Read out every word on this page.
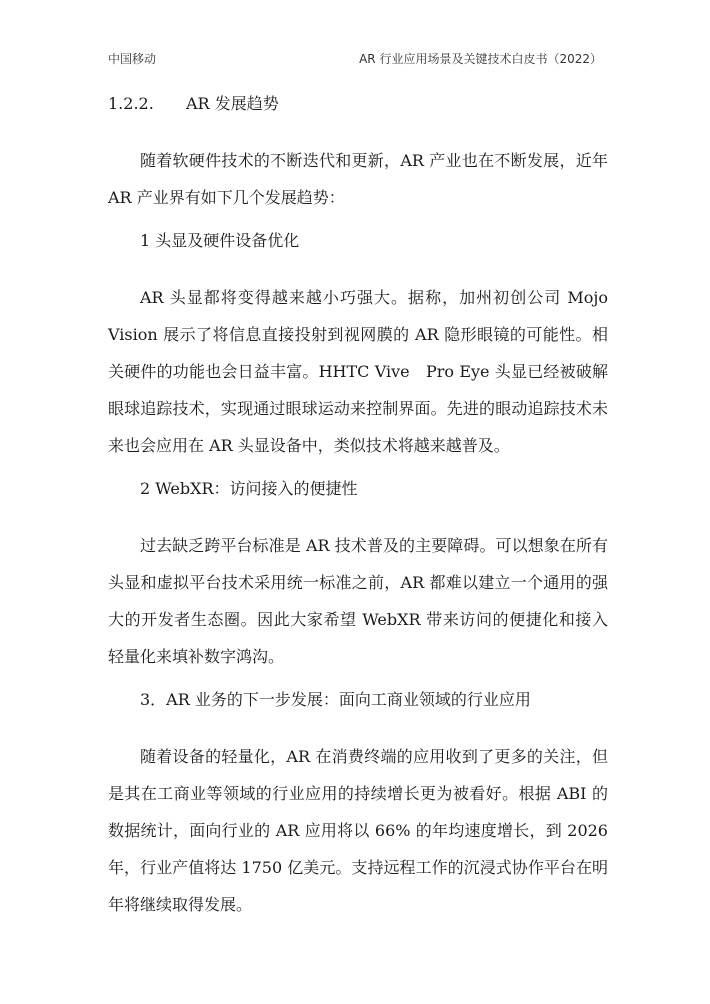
中国移动	AR 行业应用场景及关键技术白皮书（2022）
1.2.2. AR 发展趋势

随着软硬件技术的不断迭代和更新，AR 产业也在不断发展，近年 AR 产业界有如下几个发展趋势：

1 头显及硬件设备优化

AR 头显都将变得越来越小巧强大。据称，加州初创公司 Mojo Vision 展示了将信息直接投射到视网膜的 AR 隐形眼镜的可能性。相关硬件的功能也会日益丰富。HHTC Vive　Pro Eye 头显已经被破解眼球追踪技术，实现通过眼球运动来控制界面。先进的眼动追踪技术未来也会应用在 AR 头显设备中，类似技术将越来越普及。

2 WebXR：访问接入的便捷性

过去缺乏跨平台标准是 AR 技术普及的主要障碍。可以想象在所有头显和虚拟平台技术采用统一标准之前，AR 都难以建立一个通用的强大的开发者生态圈。因此大家希望 WebXR 带来访问的便捷化和接入轻量化来填补数字鸿沟。

3．AR 业务的下一步发展：面向工商业领域的行业应用

随着设备的轻量化，AR 在消费终端的应用收到了更多的关注，但是其在工商业等领域的行业应用的持续增长更为被看好。根据 ABI 的数据统计，面向行业的 AR 应用将以 66% 的年均速度增长，到 2026 年，行业产值将达 1750 亿美元。支持远程工作的沉浸式协作平台在明年将继续取得发展。
